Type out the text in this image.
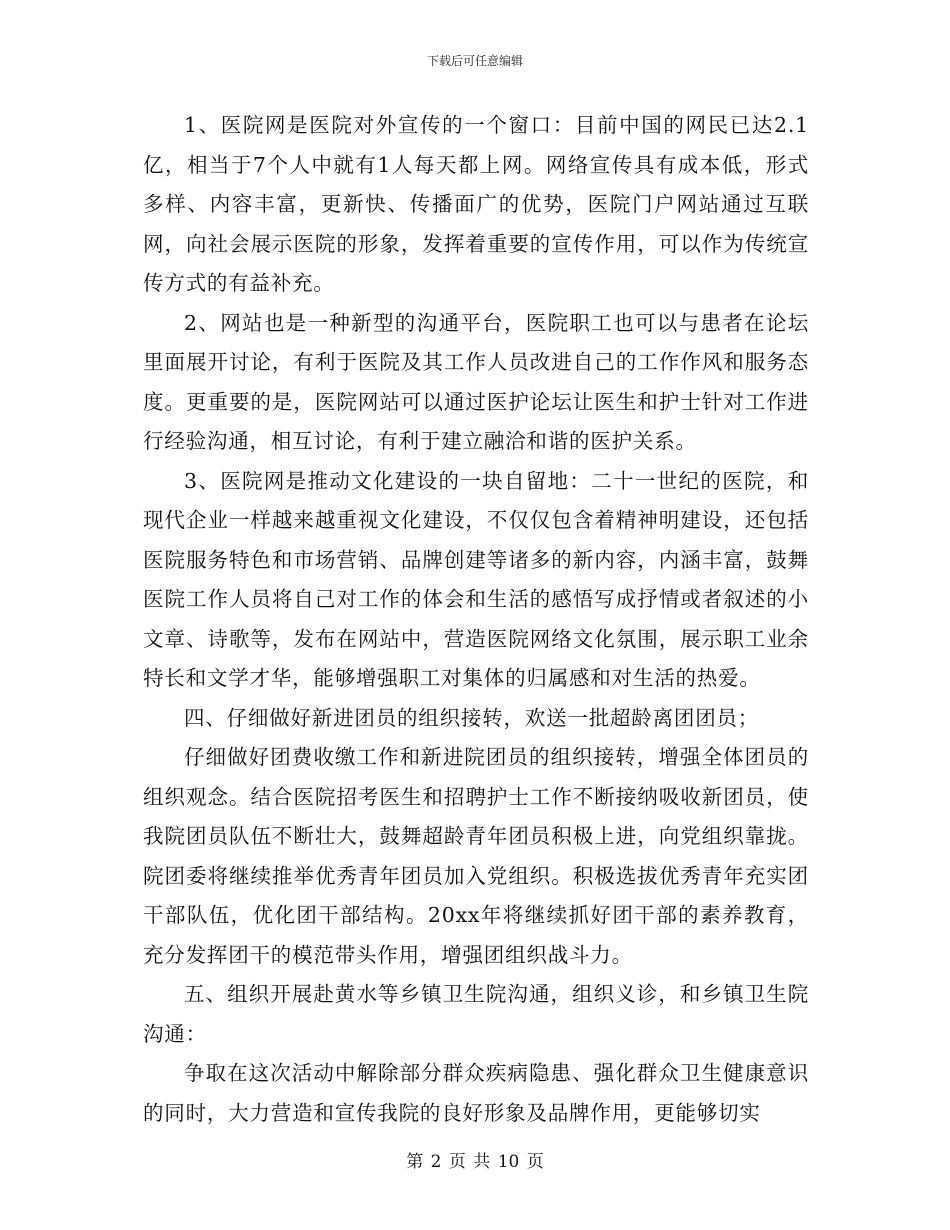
下载后可任意编辑

1、医院网是医院对外宣传的一个窗口：目前中国的网民已达2.1亿，相当于7个人中就有1人每天都上网。网络宣传具有成本低，形式多样、内容丰富，更新快、传播面广的优势，医院门户网站通过互联网，向社会展示医院的形象，发挥着重要的宣传作用，可以作为传统宣传方式的有益补充。

2、网站也是一种新型的沟通平台，医院职工也可以与患者在论坛里面展开讨论，有利于医院及其工作人员改进自己的工作作风和服务态度。更重要的是，医院网站可以通过医护论坛让医生和护士针对工作进行经验沟通，相互讨论，有利于建立融洽和谐的医护关系。

3、医院网是推动文化建设的一块自留地：二十一世纪的医院，和现代企业一样越来越重视文化建设，不仅仅包含着精神明建设，还包括医院服务特色和市场营销、品牌创建等诸多的新内容，内涵丰富，鼓舞医院工作人员将自己对工作的体会和生活的感悟写成抒情或者叙述的小文章、诗歌等，发布在网站中，营造医院网络文化氛围，展示职工业余特长和文学才华，能够增强职工对集体的归属感和对生活的热爱。

四、仔细做好新进团员的组织接转，欢送一批超龄离团团员；

仔细做好团费收缴工作和新进院团员的组织接转，增强全体团员的组织观念。结合医院招考医生和招聘护士工作不断接纳吸收新团员，使我院团员队伍不断壮大，鼓舞超龄青年团员积极上进，向党组织靠拢。院团委将继续推举优秀青年团员加入党组织。积极选拔优秀青年充实团干部队伍，优化团干部结构。20xx年将继续抓好团干部的素养教育，充分发挥团干的模范带头作用，增强团组织战斗力。

五、组织开展赴黄水等乡镇卫生院沟通，组织义诊，和乡镇卫生院沟通：

争取在这次活动中解除部分群众疾病隐患、强化群众卫生健康意识的同时，大力营造和宣传我院的良好形象及品牌作用，更能够切实

第 2 页 共 10 页
